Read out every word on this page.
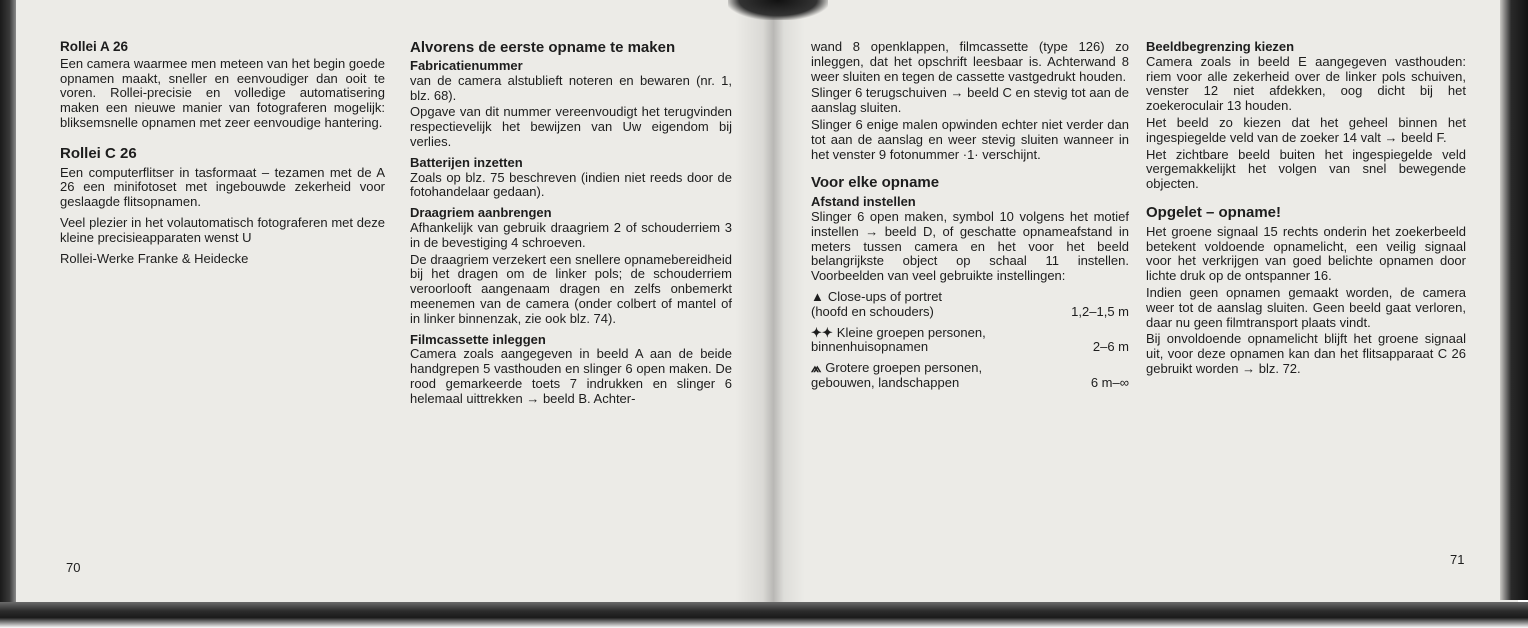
Rollei A 26

Een camera waarmee men meteen van het begin goede opnamen maakt, sneller en eenvoudiger dan ooit te voren. Rollei-precisie en volledige automatisering maken een nieuwe manier van fotograferen mogelijk: bliksemsnelle opnamen met zeer eenvoudige hantering.

Rollei C 26

Een computerflitser in tasformaat – tezamen met de A 26 een minifotoset met ingebouwde zekerheid voor geslaagde flitsopnamen.

Veel plezier in het volautomatisch fotograferen met deze kleine precisieapparaten wenst U

Rollei-Werke Franke & Heidecke

Alvorens de eerste opname te maken

Fabricatienummer

van de camera alstublieft noteren en bewaren (nr. 1, blz. 68).

Opgave van dit nummer vereenvoudigt het terugvinden respectievelijk het bewijzen van Uw eigendom bij verlies.

Batterijen inzetten

Zoals op blz. 75 beschreven (indien niet reeds door de fotohandelaar gedaan).

Draagriem aanbrengen

Afhankelijk van gebruik draagriem 2 of schouderriem 3 in de bevestiging 4 schroeven.

De draagriem verzekert een snellere opnamebereidheid bij het dragen om de linker pols; de schouderriem veroorlooft aangenaam dragen en zelfs onbemerkt meenemen van de camera (onder colbert of mantel of in linker binnenzak, zie ook blz. 74).

Filmcassette inleggen

Camera zoals aangegeven in beeld A aan de beide handgrepen 5 vasthouden en slinger 6 open maken. De rood gemarkeerde toets 7 indrukken en slinger 6 helemaal uittrekken → beeld B. Achter-

wand 8 openklappen, filmcassette (type 126) zo inleggen, dat het opschrift leesbaar is. Achterwand 8 weer sluiten en tegen de cassette vastgedrukt houden.

Slinger 6 terugschuiven → beeld C en stevig tot aan de aanslag sluiten.

Slinger 6 enige malen opwinden echter niet verder dan tot aan de aanslag en weer stevig sluiten wanneer in het venster 9 fotonummer ·1· verschijnt.

Voor elke opname

Afstand instellen

Slinger 6 open maken, symbol 10 volgens het motief instellen → beeld D, of geschatte opnameafstand in meters tussen camera en het voor het beeld belangrijkste object op schaal 11 instellen. Voorbeelden van veel gebruikte instellingen:

▲ Close-ups of portret
(hoofd en schouders)	1,2–1,5 m
✦✦ Kleine groepen personen,
binnenhuisopnamen	2–6 m
⩕ Grotere groepen personen,
gebouwen, landschappen	6 m–∞

Beeldbegrenzing kiezen

Camera zoals in beeld E aangegeven vasthouden: riem voor alle zekerheid over de linker pols schuiven, venster 12 niet afdekken, oog dicht bij het zoekeroculair 13 houden.

Het beeld zo kiezen dat het geheel binnen het ingespiegelde veld van de zoeker 14 valt → beeld F.

Het zichtbare beeld buiten het ingespiegelde veld vergemakkelijkt het volgen van snel bewegende objecten.

Opgelet – opname!

Het groene signaal 15 rechts onderin het zoekerbeeld betekent voldoende opnamelicht, een veilig signaal voor het verkrijgen van goed belichte opnamen door lichte druk op de ontspanner 16.

Indien geen opnamen gemaakt worden, de camera weer tot de aanslag sluiten. Geen beeld gaat verloren, daar nu geen filmtransport plaats vindt.

Bij onvoldoende opnamelicht blijft het groene signaal uit, voor deze opnamen kan dan het flitsapparaat C 26 gebruikt worden → blz. 72.

70
71
